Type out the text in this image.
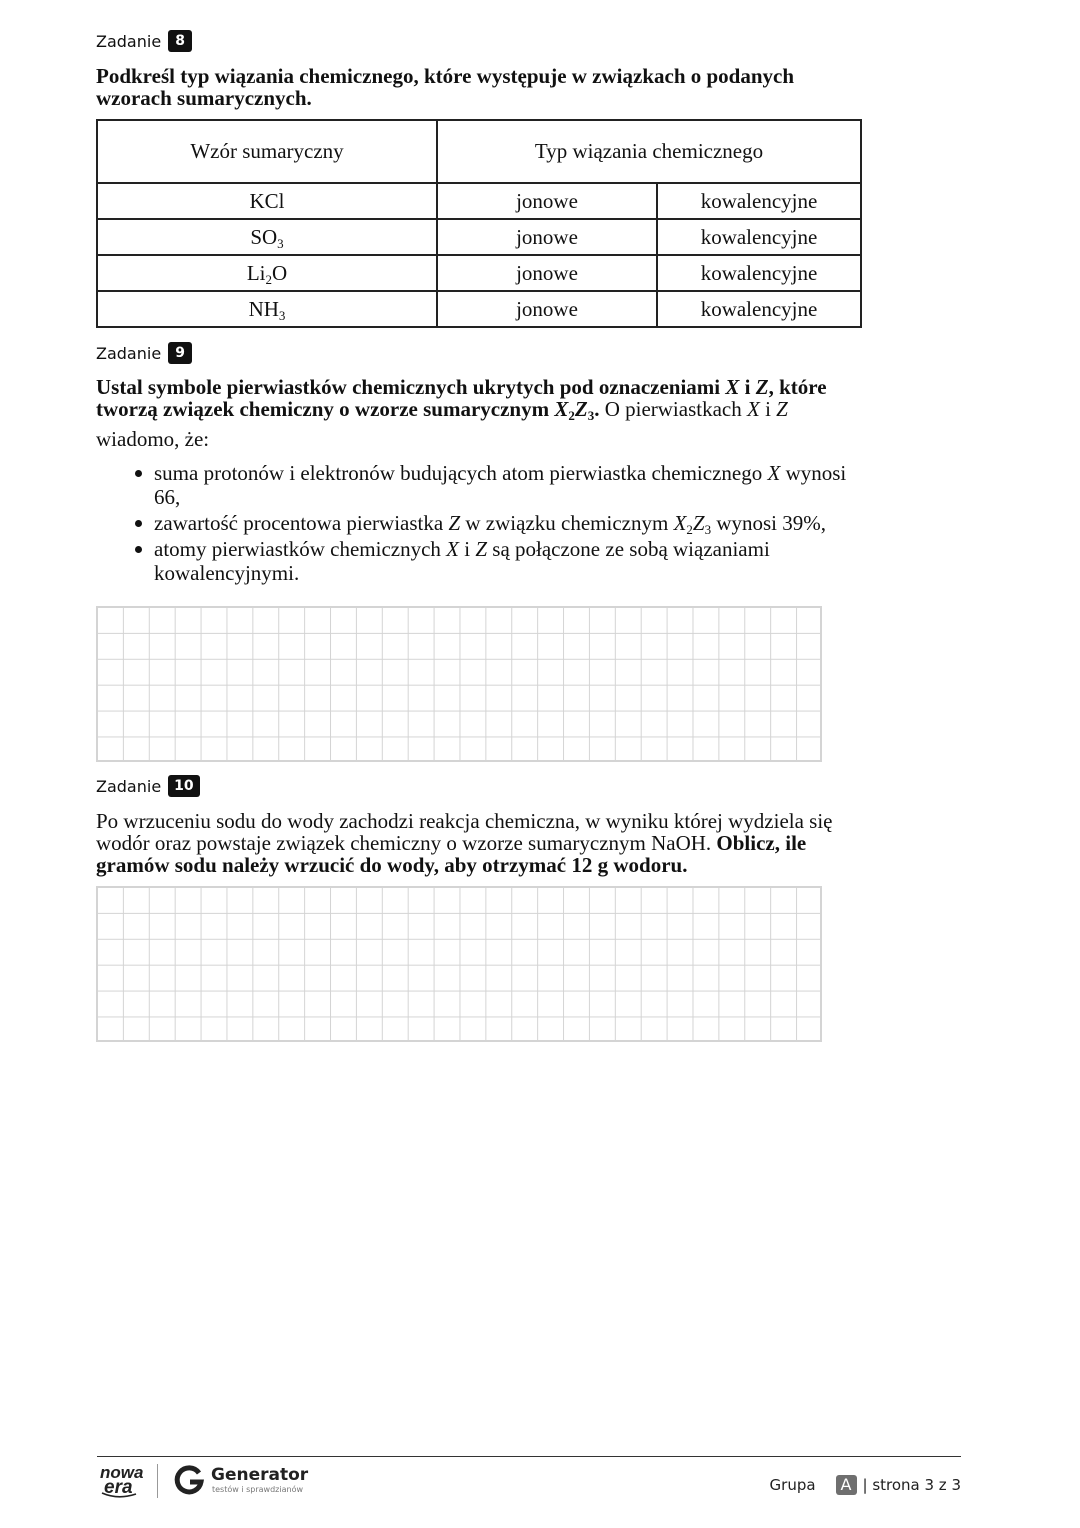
Zadanie	8
Podkreśl typ wiązania chemicznego, które występuje w związkach o podanych wzorach sumarycznych.
Wzór sumaryczny	Typ wiązania chemicznego	
KCl	jonowe	kowalencyjne
$SO_3$	jonowe	kowalencyjne
$Li_2O$	jonowe	kowalencyjne
$NH_3$	jonowe	kowalencyjne
Zadanie	9
Ustal symbole pierwiastków chemicznych ukrytych pod oznaczeniami X i Z, które tworzą związek chemiczny o wzorze sumarycznym $X_2Z_3$. O pierwiastkach X i Z
wiadomo, że:
suma protonów i elektronów budujących atom pierwiastka chemicznego X wynosi 66,
zawartość procentowa pierwiastka Z w związku chemicznym $X_2Z_3$ wynosi 39%,
atomy pierwiastków chemicznych X i Z są połączone ze sobą wiązaniami kowalencyjnymi.
Zadanie 10
Po wrzuceniu sodu do wody zachodzi reakcja chemiczna, w wyniku której wydziela się wodór oraz powstaje związek chemiczny o wzorze sumarycznym NaOH. Oblicz, ile gramów sodu należy wrzucić do wody, aby otrzymać 12 g wodoru.
nowa
era
Generator
testów i sprawdzianów	Grupa	A | strona 3 z 3
